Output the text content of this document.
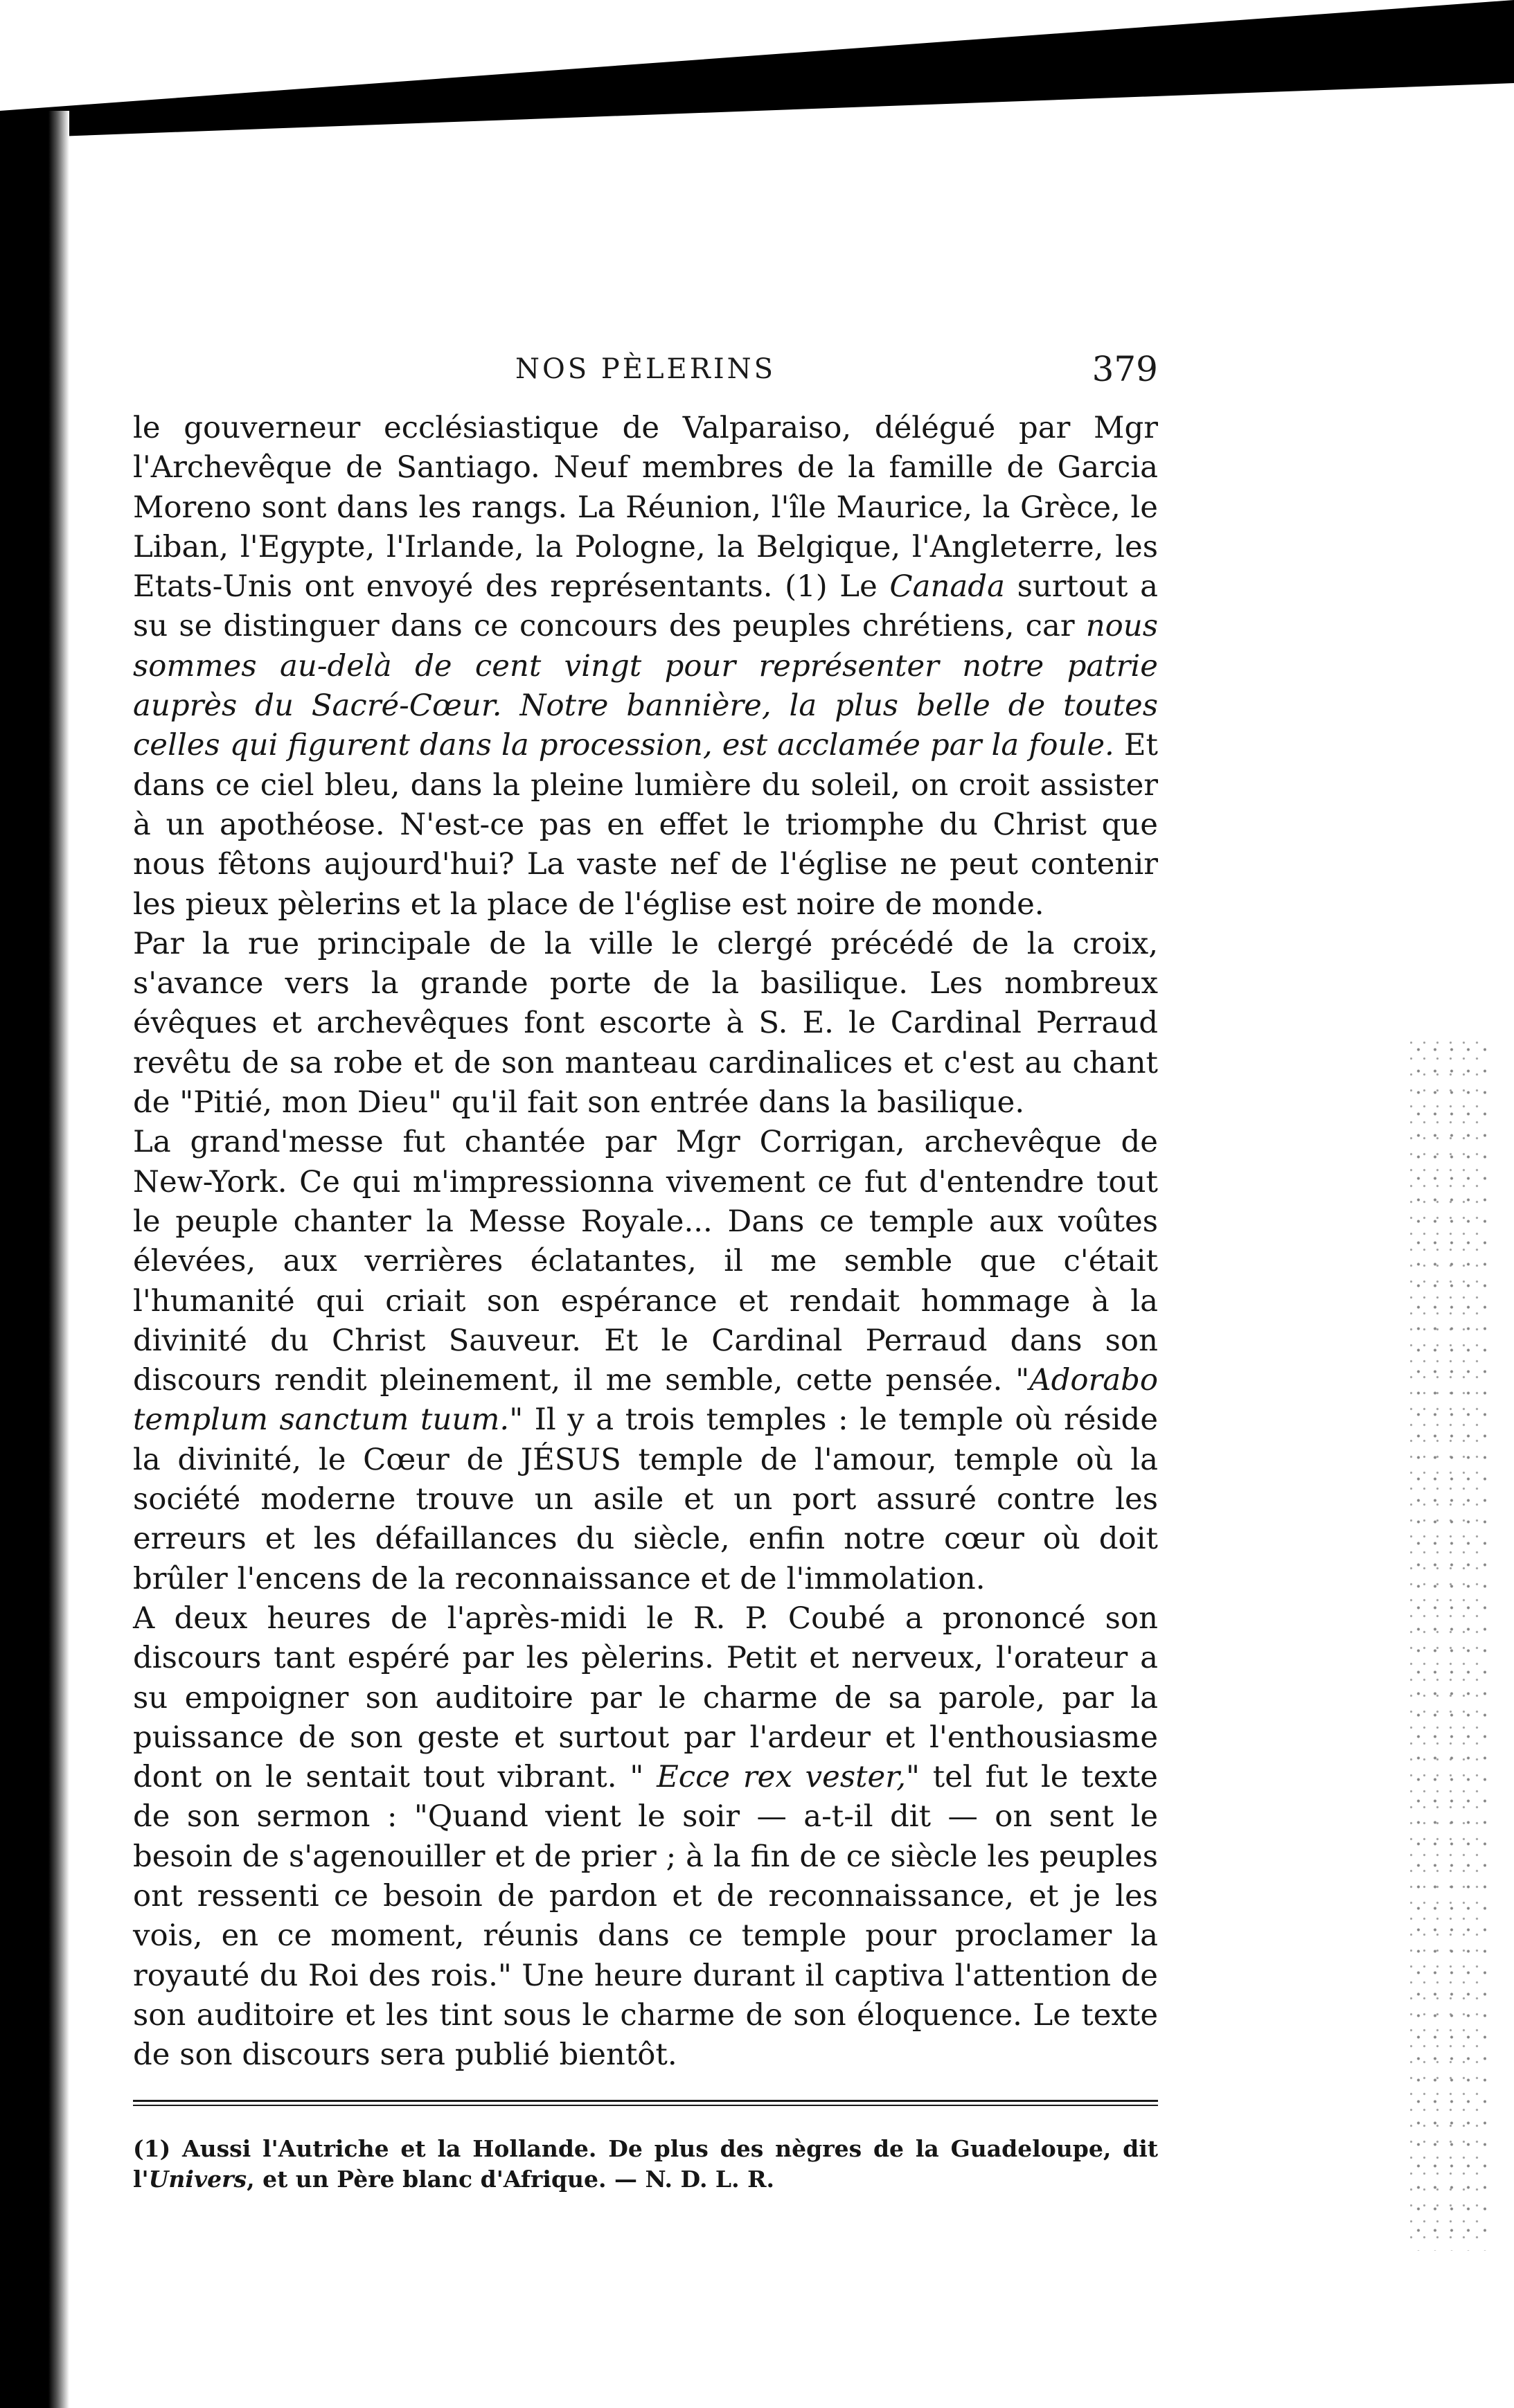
NOS PÈLERINS	379

le gouverneur ecclésiastique de Valparaiso, délégué par Mgr l'Archevêque de Santiago. Neuf membres de la famille de Garcia Moreno sont dans les rangs. La Réunion, l'île Maurice, la Grèce, le Liban, l'Egypte, l'Irlande, la Pologne, la Belgique, l'Angleterre, les Etats-Unis ont envoyé des représentants. (1) Le Canada surtout a su se distinguer dans ce concours des peuples chrétiens, car nous sommes au-delà de cent vingt pour représenter notre patrie auprès du Sacré-Cœur. Notre bannière, la plus belle de toutes celles qui figurent dans la procession, est acclamée par la foule. Et dans ce ciel bleu, dans la pleine lumière du soleil, on croit assister à un apothéose. N'est-ce pas en effet le triomphe du Christ que nous fêtons aujourd'hui? La vaste nef de l'église ne peut contenir les pieux pèlerins et la place de l'église est noire de monde.

Par la rue principale de la ville le clergé précédé de la croix, s'avance vers la grande porte de la basilique. Les nombreux évêques et archevêques font escorte à S. E. le Cardinal Perraud revêtu de sa robe et de son manteau cardinalices et c'est au chant de "Pitié, mon Dieu" qu'il fait son entrée dans la basilique.

La grand'messe fut chantée par Mgr Corrigan, archevêque de New-York. Ce qui m'impressionna vivement ce fut d'entendre tout le peuple chanter la Messe Royale... Dans ce temple aux voûtes élevées, aux verrières éclatantes, il me semble que c'était l'humanité qui criait son espérance et rendait hommage à la divinité du Christ Sauveur. Et le Cardinal Perraud dans son discours rendit pleinement, il me semble, cette pensée. "Adorabo templum sanctum tuum." Il y a trois temples : le temple où réside la divinité, le Cœur de JÉSUS temple de l'amour, temple où la société moderne trouve un asile et un port assuré contre les erreurs et les défaillances du siècle, enfin notre cœur où doit brûler l'encens de la reconnaissance et de l'immolation.

A deux heures de l'après-midi le R. P. Coubé a prononcé son discours tant espéré par les pèlerins. Petit et nerveux, l'orateur a su empoigner son auditoire par le charme de sa parole, par la puissance de son geste et surtout par l'ardeur et l'enthousiasme dont on le sentait tout vibrant. " Ecce rex vester," tel fut le texte de son sermon : "Quand vient le soir — a-t-il dit — on sent le besoin de s'agenouiller et de prier ; à la fin de ce siècle les peuples ont ressenti ce besoin de pardon et de reconnaissance, et je les vois, en ce moment, réunis dans ce temple pour proclamer la royauté du Roi des rois." Une heure durant il captiva l'attention de son auditoire et les tint sous le charme de son éloquence. Le texte de son discours sera publié bientôt.

(1) Aussi l'Autriche et la Hollande. De plus des nègres de la Guadeloupe, dit l'Univers, et un Père blanc d'Afrique. — N. D. L. R.
